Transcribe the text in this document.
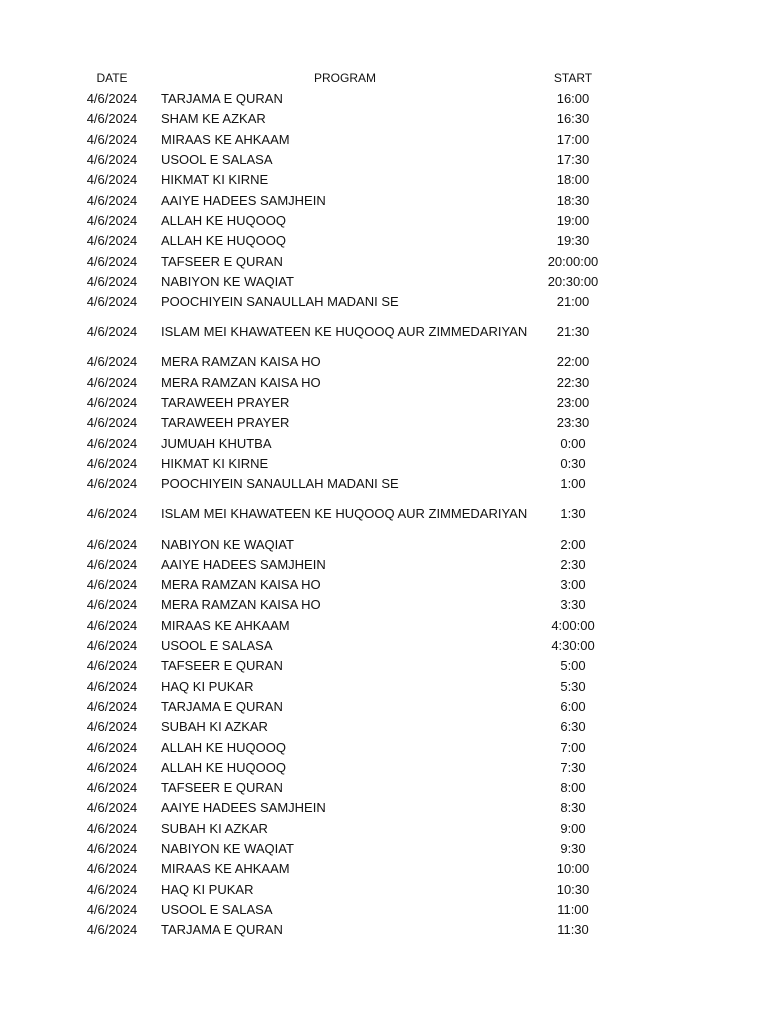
DATE	PROGRAM	START
4/6/2024	TARJAMA E QURAN	16:00
4/6/2024	SHAM KE AZKAR	16:30
4/6/2024	MIRAAS KE AHKAAM	17:00
4/6/2024	USOOL E SALASA	17:30
4/6/2024	HIKMAT KI KIRNE	18:00
4/6/2024	AAIYE HADEES SAMJHEIN	18:30
4/6/2024	ALLAH KE HUQOOQ	19:00
4/6/2024	ALLAH KE HUQOOQ	19:30
4/6/2024	TAFSEER E QURAN	20:00:00
4/6/2024	NABIYON KE WAQIAT	20:30:00
4/6/2024	POOCHIYEIN SANAULLAH MADANI SE	21:00
4/6/2024	ISLAM MEI KHAWATEEN KE HUQOOQ AUR ZIMMEDARIYAN	21:30
4/6/2024	MERA RAMZAN KAISA HO	22:00
4/6/2024	MERA RAMZAN KAISA HO	22:30
4/6/2024	TARAWEEH PRAYER	23:00
4/6/2024	TARAWEEH PRAYER	23:30
4/6/2024	JUMUAH KHUTBA	0:00
4/6/2024	HIKMAT KI KIRNE	0:30
4/6/2024	POOCHIYEIN SANAULLAH MADANI SE	1:00
4/6/2024	ISLAM MEI KHAWATEEN KE HUQOOQ AUR ZIMMEDARIYAN	1:30
4/6/2024	NABIYON KE WAQIAT	2:00
4/6/2024	AAIYE HADEES SAMJHEIN	2:30
4/6/2024	MERA RAMZAN KAISA HO	3:00
4/6/2024	MERA RAMZAN KAISA HO	3:30
4/6/2024	MIRAAS KE AHKAAM	4:00:00
4/6/2024	USOOL E SALASA	4:30:00
4/6/2024	TAFSEER E QURAN	5:00
4/6/2024	HAQ KI PUKAR	5:30
4/6/2024	TARJAMA E QURAN	6:00
4/6/2024	SUBAH KI AZKAR	6:30
4/6/2024	ALLAH KE HUQOOQ	7:00
4/6/2024	ALLAH KE HUQOOQ	7:30
4/6/2024	TAFSEER E QURAN	8:00
4/6/2024	AAIYE HADEES SAMJHEIN	8:30
4/6/2024	SUBAH KI AZKAR	9:00
4/6/2024	NABIYON KE WAQIAT	9:30
4/6/2024	MIRAAS KE AHKAAM	10:00
4/6/2024	HAQ KI PUKAR	10:30
4/6/2024	USOOL E SALASA	11:00
4/6/2024	TARJAMA E QURAN	11:30
